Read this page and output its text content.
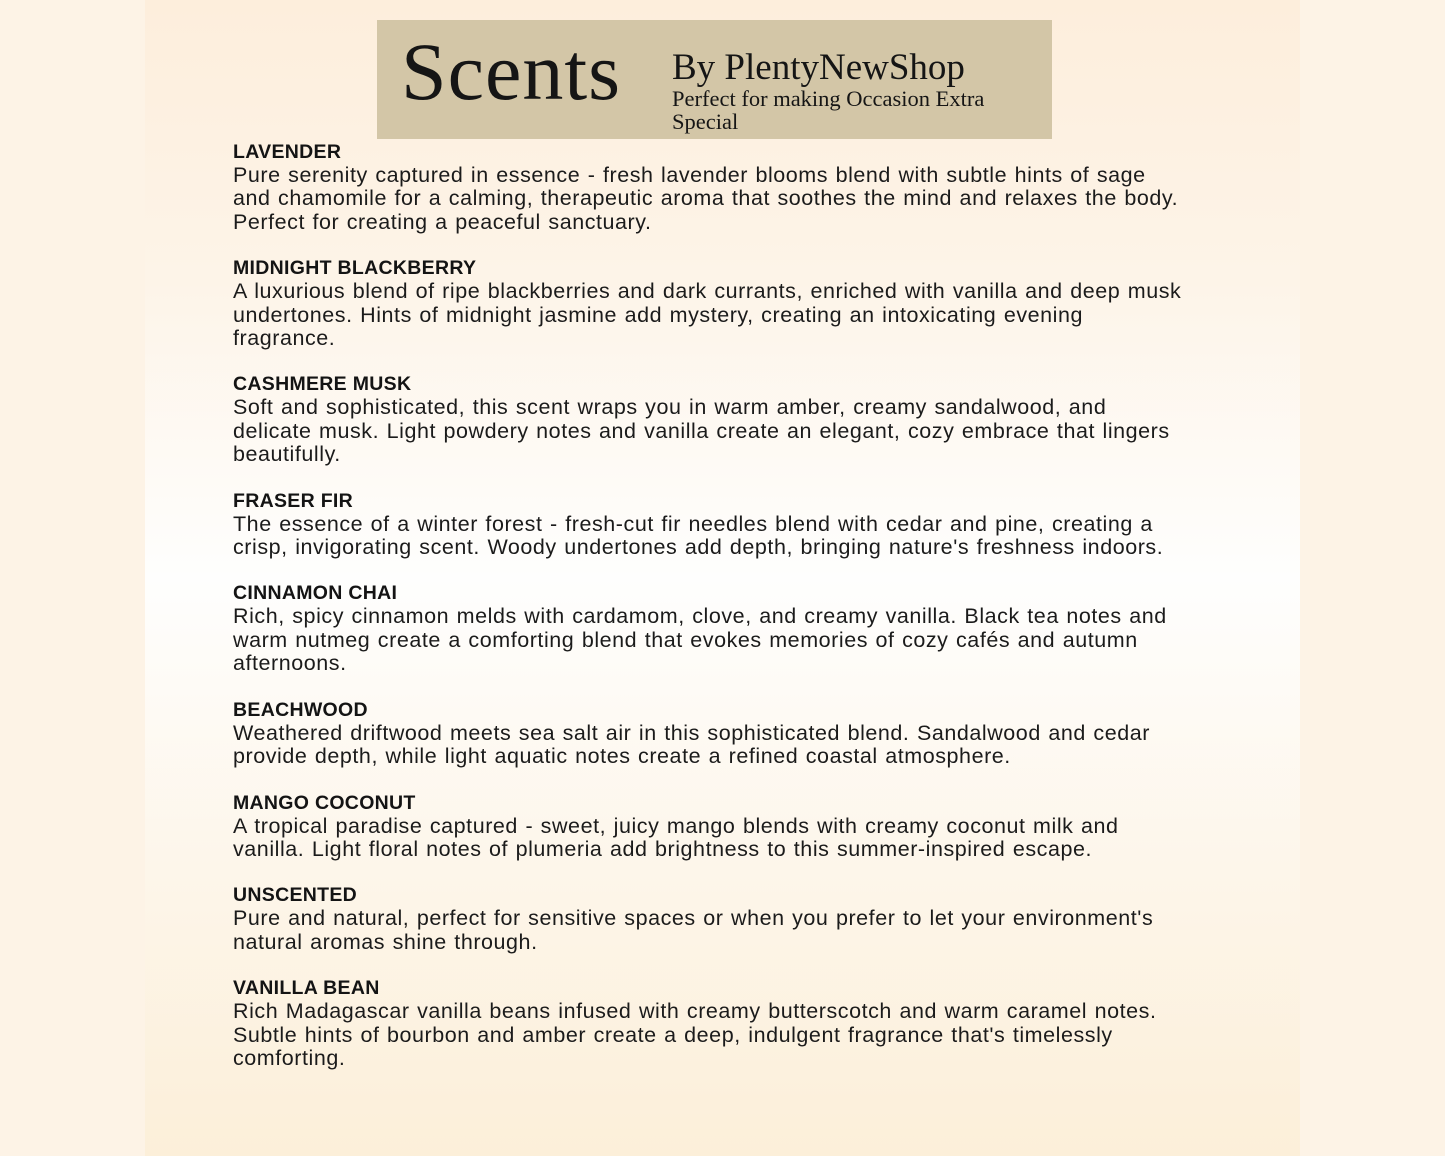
Scents By PlentyNewShop
Perfect for making Occasion Extra Special
LAVENDER
Pure serenity captured in essence - fresh lavender blooms blend with subtle hints of sage and chamomile for a calming, therapeutic aroma that soothes the mind and relaxes the body. Perfect for creating a peaceful sanctuary.
MIDNIGHT BLACKBERRY
A luxurious blend of ripe blackberries and dark currants, enriched with vanilla and deep musk undertones. Hints of midnight jasmine add mystery, creating an intoxicating evening fragrance.
CASHMERE MUSK
Soft and sophisticated, this scent wraps you in warm amber, creamy sandalwood, and delicate musk. Light powdery notes and vanilla create an elegant, cozy embrace that lingers beautifully.
FRASER FIR
The essence of a winter forest - fresh-cut fir needles blend with cedar and pine, creating a crisp, invigorating scent. Woody undertones add depth, bringing nature's freshness indoors.
CINNAMON CHAI
Rich, spicy cinnamon melds with cardamom, clove, and creamy vanilla. Black tea notes and warm nutmeg create a comforting blend that evokes memories of cozy cafés and autumn afternoons.
BEACHWOOD
Weathered driftwood meets sea salt air in this sophisticated blend. Sandalwood and cedar provide depth, while light aquatic notes create a refined coastal atmosphere.
MANGO COCONUT
A tropical paradise captured - sweet, juicy mango blends with creamy coconut milk and vanilla. Light floral notes of plumeria add brightness to this summer-inspired escape.
UNSCENTED
Pure and natural, perfect for sensitive spaces or when you prefer to let your environment's natural aromas shine through.
VANILLA BEAN
Rich Madagascar vanilla beans infused with creamy butterscotch and warm caramel notes. Subtle hints of bourbon and amber create a deep, indulgent fragrance that's timelessly comforting.
